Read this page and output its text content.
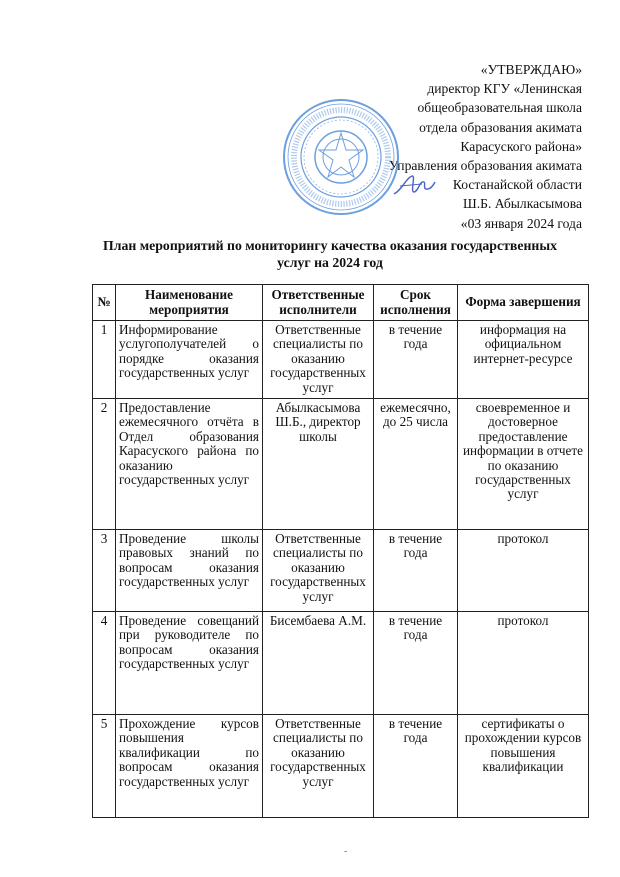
«УТВЕРЖДАЮ»
директор КГУ «Ленинская
общеобразовательная школа
отдела образования акимата
Карасуского района»
Управления образования акимата
Костанайской области
Ш.Б. Абылкасымова
«03 января 2024 года
План мероприятий по мониторингу качества оказания государственных
услуг на 2024 год
№	Наименование мероприятия	Ответственные исполнители	Срок исполнения	Форма завершения
1	Информирование услугополучателей о порядке оказания государственных услуг	Ответственные специалисты по оказанию государственных услуг	в течение года	информация на официальном интернет-ресурсе
2	Предоставление ежемесячного отчёта в Отдел образования Карасуского района по оказанию государственных услуг	Абылкасымова Ш.Б., директор школы	ежемесячно, до 25 числа	своевременное и достоверное предоставление информации в отчете по оказанию государственных услуг
3	Проведение школы правовых знаний по вопросам оказания государственных услуг	Ответственные специалисты по оказанию государственных услуг	в течение года	протокол
4	Проведение совещаний при руководителе по вопросам оказания государственных услуг	Бисембаева А.М.	в течение года	протокол
5	Прохождение курсов повышения квалификации по вопросам оказания государственных услуг	Ответственные специалисты по оказанию государственных услуг	в течение года	сертификаты о прохождении курсов повышения квалификации
-
